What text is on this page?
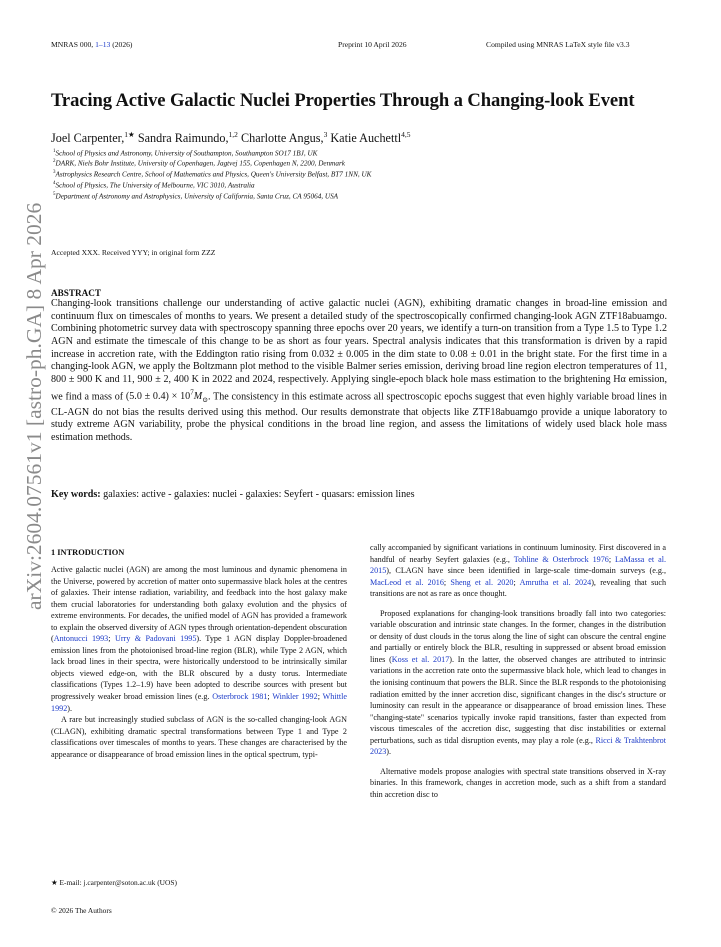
MNRAS 000, 1–13 (2026)	Preprint 10 April 2026	Compiled using MNRAS LaTeX style file v3.3
arXiv:2604.07561v1 [astro-ph.GA] 8 Apr 2026
Tracing Active Galactic Nuclei Properties Through a Changing-look Event
Joel Carpenter,$^{1★}$ Sandra Raimundo,$^{1,2}$ Charlotte Angus,$^3$ Katie Auchettl$^{4,5}$
$^1$School of Physics and Astronomy, University of Southampton, Southampton SO17 1BJ, UK
$^2$DARK, Niels Bohr Institute, University of Copenhagen, Jagtvej 155, Copenhagen N, 2200, Denmark
$^3$Astrophysics Research Centre, School of Mathematics and Physics, Queen's University Belfast, BT7 1NN, UK
$^4$School of Physics, The University of Melbourne, VIC 3010, Australia
$^5$Department of Astronomy and Astrophysics, University of California, Santa Cruz, CA 95064, USA
Accepted XXX. Received YYY; in original form ZZZ
ABSTRACT
Changing-look transitions challenge our understanding of active galactic nuclei (AGN), exhibiting dramatic changes in broad-line emission and continuum flux on timescales of months to years. We present a detailed study of the spectroscopically confirmed changing-look AGN ZTF18abuamgo. Combining photometric survey data with spectroscopy spanning three epochs over 20 years, we identify a turn-on transition from a Type 1.5 to Type 1.2 AGN and estimate the timescale of this change to be as short as four years. Spectral analysis indicates that this transformation is driven by a rapid increase in accretion rate, with the Eddington ratio rising from 0.032 ± 0.005 in the dim state to 0.08 ± 0.01 in the bright state. For the first time in a changing-look AGN, we apply the Boltzmann plot method to the visible Balmer series emission, deriving broad line region electron temperatures of 11, 800 ± 900 K and 11, 900 ± 2, 400 K in 2022 and 2024, respectively. Applying single-epoch black hole mass estimation to the brightening Hα emission, we find a mass of $(5.0 \pm 0.4) \times 10^7M_⊙$. The consistency in this estimate across all spectroscopic epochs suggest that even highly variable broad lines in CL-AGN do not bias the results derived using this method. Our results demonstrate that objects like ZTF18abuamgo provide a unique laboratory to study extreme AGN variability, probe the physical conditions in the broad line region, and assess the limitations of widely used black hole mass estimation methods.
Key words: galaxies: active - galaxies: nuclei - galaxies: Seyfert - quasars: emission lines
1 INTRODUCTION

Active galactic nuclei (AGN) are among the most luminous and dynamic phenomena in the Universe, powered by accretion of matter onto supermassive black holes at the centres of galaxies. Their intense radiation, variability, and feedback into the host galaxy make them crucial laboratories for understanding both galaxy evolution and the physics of extreme environments. For decades, the unified model of AGN has provided a framework to explain the observed diversity of AGN types through orientation-dependent obscuration (Antonucci 1993; Urry & Padovani 1995). Type 1 AGN display Doppler-broadened emission lines from the photoionised broad-line region (BLR), while Type 2 AGN, which lack broad lines in their spectra, were historically understood to be intrinsically similar objects viewed edge-on, with the BLR obscured by a dusty torus. Intermediate classifications (Types 1.2–1.9) have been adopted to describe sources with present but progressively weaker broad emission lines (e.g. Osterbrock 1981; Winkler 1992; Whittle 1992).

A rare but increasingly studied subclass of AGN is the so-called changing-look AGN (CLAGN), exhibiting dramatic spectral transformations between Type 1 and Type 2 classifications over timescales of months to years. These changes are characterised by the appearance or disappearance of broad emission lines in the optical spectrum, typi-

cally accompanied by significant variations in continuum luminosity. First discovered in a handful of nearby Seyfert galaxies (e.g., Tohline & Osterbrock 1976; LaMassa et al. 2015), CLAGN have since been identified in large-scale time-domain surveys (e.g., MacLeod et al. 2016; Sheng et al. 2020; Amrutha et al. 2024), revealing that such transitions are not as rare as once thought.

Proposed explanations for changing-look transitions broadly fall into two categories: variable obscuration and intrinsic state changes. In the former, changes in the distribution or density of dust clouds in the torus along the line of sight can obscure the central engine and partially or entirely block the BLR, resulting in suppressed or absent broad emission lines (Koss et al. 2017). In the latter, the observed changes are attributed to intrinsic variations in the accretion rate onto the supermassive black hole, which lead to changes in the ionising continuum that powers the BLR. Since the BLR responds to the photoionising radiation emitted by the inner accretion disc, significant changes in the disc's structure or luminosity can result in the appearance or disappearance of broad emission lines. These "changing-state" scenarios typically invoke rapid transitions, faster than expected from viscous timescales of the accretion disc, suggesting that disc instabilities or external perturbations, such as tidal disruption events, may play a role (e.g., Ricci & Trakhtenbrot 2023).

Alternative models propose analogies with spectral state transitions observed in X-ray binaries. In this framework, changes in accretion mode, such as a shift from a standard thin accretion disc to

★ E-mail: j.carpenter@soton.ac.uk (UOS)
© 2026 The Authors
